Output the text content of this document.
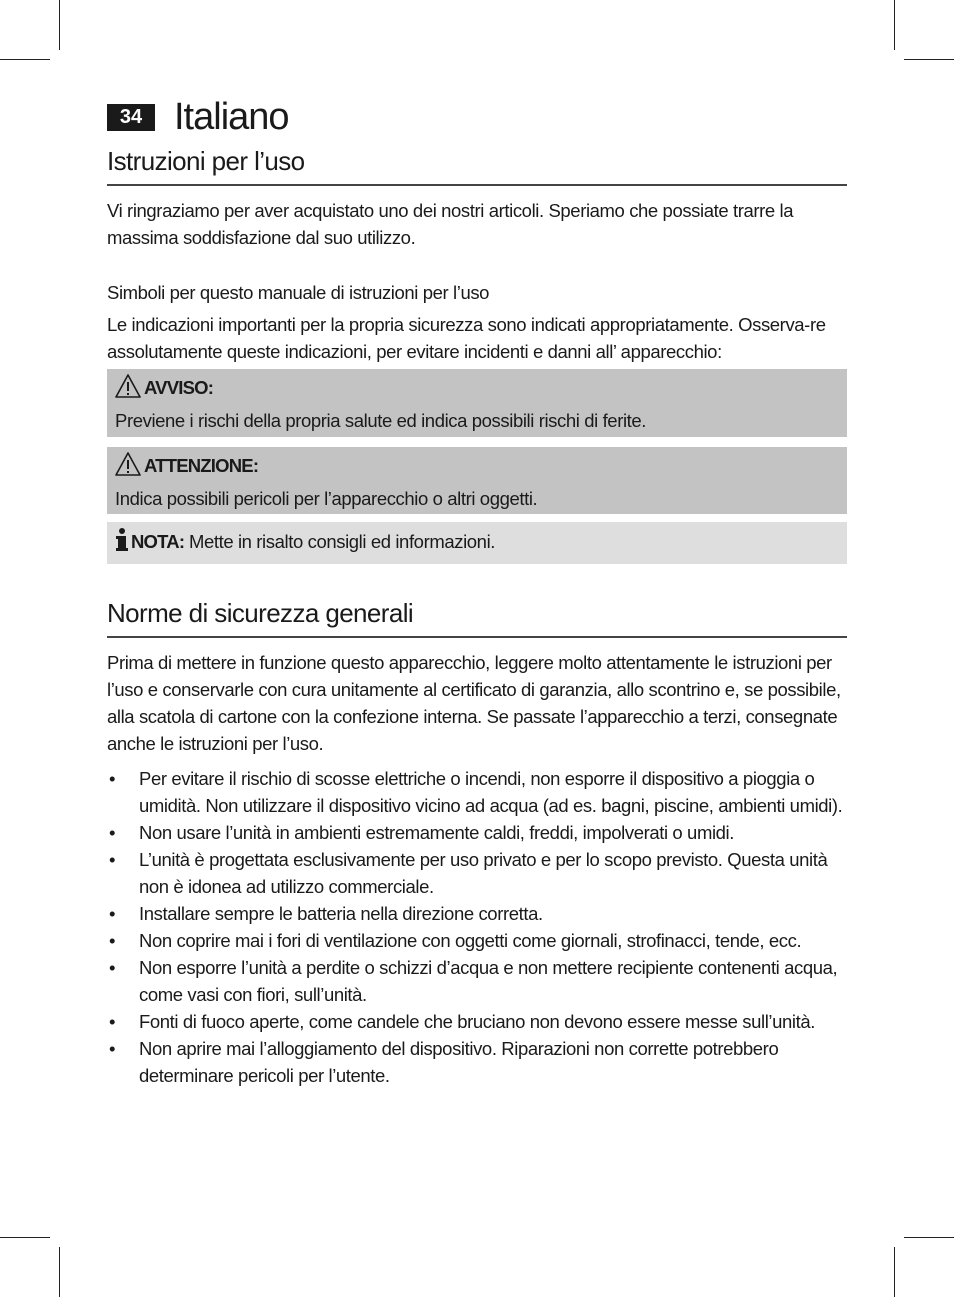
34 Italiano
Istruzioni per l’uso

Vi ringraziamo per aver acquistato uno dei nostri articoli. Speriamo che possiate trarre la massima soddisfazione dal suo utilizzo.

Simboli per questo manuale di istruzioni per l’uso

Le indicazioni importanti per la propria sicurezza sono indicati appropriatamente. Osserva-re assolutamente queste indicazioni, per evitare incidenti e danni all’ apparecchio:

AVVISO:
Previene i rischi della propria salute ed indica possibili rischi di ferite.
ATTENZIONE:
Indica possibili pericoli per l’apparecchio o altri oggetti.
NOTA: Mette in risalto consigli ed informazioni.
Norme di sicurezza generali

Prima di mettere in funzione questo apparecchio, leggere molto attentamente le istruzioni per l’uso e conservarle con cura unitamente al certificato di garanzia, allo scontrino e, se possibile, alla scatola di cartone con la confezione interna. Se passate l’apparecchio a terzi, consegnate anche le istruzioni per l’uso.

• Per evitare il rischio di scosse elettriche o incendi, non esporre il dispositivo a pioggia o umidità. Non utilizzare il dispositivo vicino ad acqua (ad es. bagni, piscine, ambienti umidi).
• Non usare l’unità in ambienti estremamente caldi, freddi, impolverati o umidi.
• L’unità è progettata esclusivamente per uso privato e per lo scopo previsto. Questa unità non è idonea ad utilizzo commerciale.
• Installare sempre le batteria nella direzione corretta.
• Non coprire mai i fori di ventilazione con oggetti come giornali, strofinacci, tende, ecc.
• Non esporre l’unità a perdite o schizzi d’acqua e non mettere recipiente contenenti acqua, come vasi con fiori, sull’unità.
• Fonti di fuoco aperte, come candele che bruciano non devono essere messe sull’unità.
• Non aprire mai l’alloggiamento del dispositivo. Riparazioni non corrette potrebbero determinare pericoli per l’utente.
